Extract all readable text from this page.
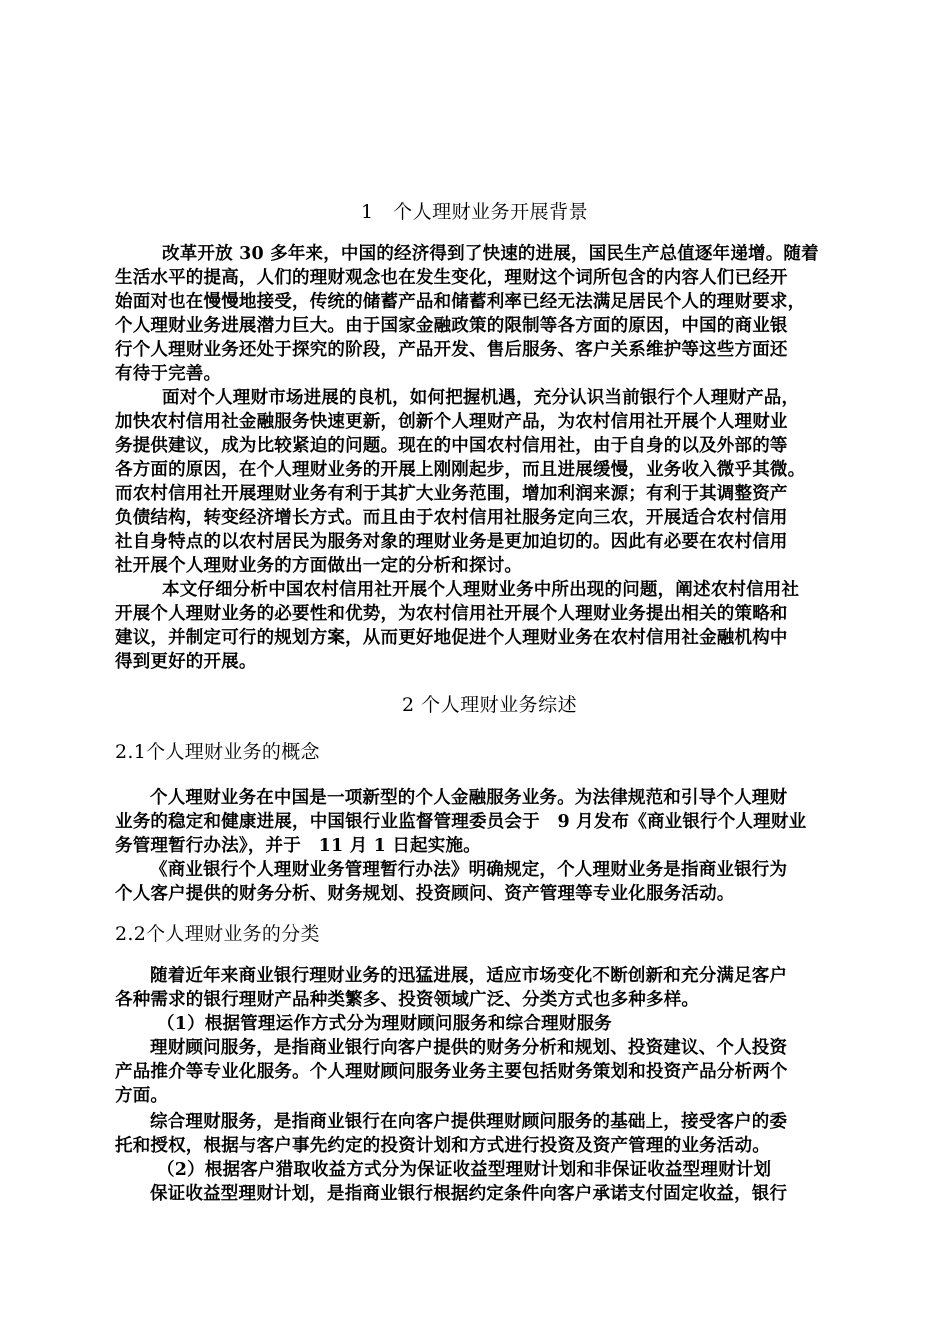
1　个人理财业务开展背景
改革开放 30 多年来，中国的经济得到了快速的进展，国民生产总值逐年递增。随着
生活水平的提高，人们的理财观念也在发生变化，理财这个词所包含的内容人们已经开
始面对也在慢慢地接受，传统的储蓄产品和储蓄利率已经无法满足居民个人的理财要求，
个人理财业务进展潜力巨大。由于国家金融政策的限制等各方面的原因，中国的商业银
行个人理财业务还处于探究的阶段，产品开发、售后服务、客户关系维护等这些方面还
有待于完善。
面对个人理财市场进展的良机，如何把握机遇，充分认识当前银行个人理财产品，
加快农村信用社金融服务快速更新，创新个人理财产品，为农村信用社开展个人理财业
务提供建议，成为比较紧迫的问题。现在的中国农村信用社，由于自身的以及外部的等
各方面的原因，在个人理财业务的开展上刚刚起步，而且进展缓慢，业务收入微乎其微。
而农村信用社开展理财业务有利于其扩大业务范围，增加利润来源；有利于其调整资产
负债结构，转变经济增长方式。而且由于农村信用社服务定向三农，开展适合农村信用
社自身特点的以农村居民为服务对象的理财业务是更加迫切的。因此有必要在农村信用
社开展个人理财业务的方面做出一定的分析和探讨。
本文仔细分析中国农村信用社开展个人理财业务中所出现的问题，阐述农村信用社
开展个人理财业务的必要性和优势，为农村信用社开展个人理财业务提出相关的策略和
建议，并制定可行的规划方案，从而更好地促进个人理财业务在农村信用社金融机构中
得到更好的开展。
2 个人理财业务综述
2.1个人理财业务的概念
个人理财业务在中国是一项新型的个人金融服务业务。为法律规范和引导个人理财
业务的稳定和健康进展，中国银行业监督管理委员会于　9 月发布《商业银行个人理财业
务管理暂行办法》，并于　11 月 1 日起实施。
《商业银行个人理财业务管理暂行办法》明确规定，个人理财业务是指商业银行为
个人客户提供的财务分析、财务规划、投资顾问、资产管理等专业化服务活动。
2.2个人理财业务的分类
随着近年来商业银行理财业务的迅猛进展，适应市场变化不断创新和充分满足客户
各种需求的银行理财产品种类繁多、投资领域广泛、分类方式也多种多样。
（1）根据管理运作方式分为理财顾问服务和综合理财服务
理财顾问服务，是指商业银行向客户提供的财务分析和规划、投资建议、个人投资
产品推介等专业化服务。个人理财顾问服务业务主要包括财务策划和投资产品分析两个
方面。
综合理财服务，是指商业银行在向客户提供理财顾问服务的基础上，接受客户的委
托和授权，根据与客户事先约定的投资计划和方式进行投资及资产管理的业务活动。
（2）根据客户猎取收益方式分为保证收益型理财计划和非保证收益型理财计划
保证收益型理财计划，是指商业银行根据约定条件向客户承诺支付固定收益，银行
